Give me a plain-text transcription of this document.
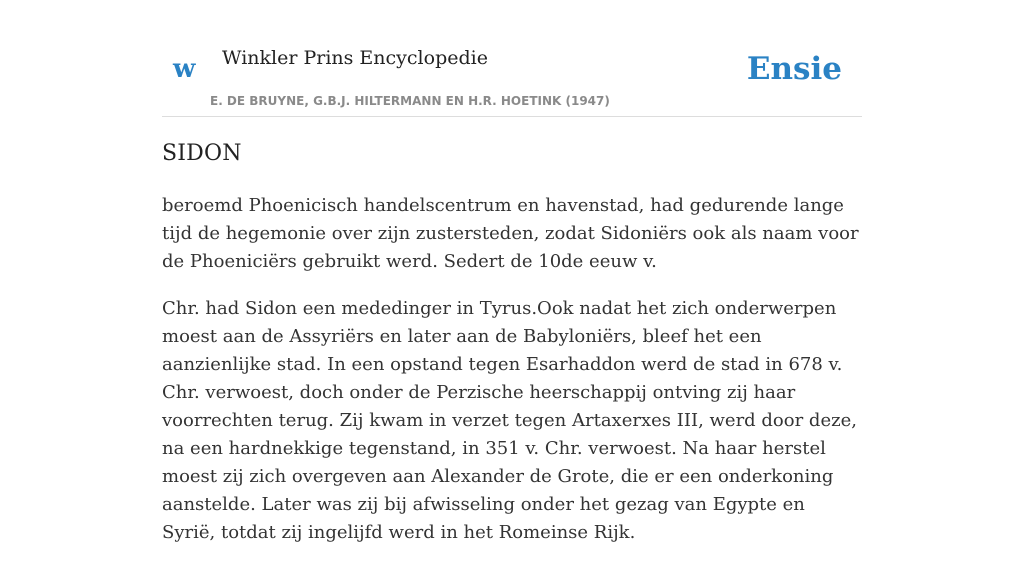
w Winkler Prins Encyclopedie
E. DE BRUYNE, G.B.J. HILTERMANN EN H.R. HOETINK (1947)
Ensie
SIDON

beroemd Phoenicisch handelscentrum en havenstad, had gedurende lange tijd de hegemonie over zijn zustersteden, zodat Sidoniërs ook als naam voor de Phoeniciërs gebruikt werd. Sedert de 10de eeuw v.

Chr. had Sidon een mededinger in Tyrus.Ook nadat het zich onderwerpen moest aan de Assyriërs en later aan de Babyloniërs, bleef het een aanzienlijke stad. In een opstand tegen Esarhaddon werd de stad in 678 v. Chr. verwoest, doch onder de Perzische heerschappij ontving zij haar voorrechten terug. Zij kwam in verzet tegen Artaxerxes III, werd door deze, na een hardnekkige tegenstand, in 351 v. Chr. verwoest. Na haar herstel moest zij zich overgeven aan Alexander de Grote, die er een onderkoning aanstelde. Later was zij bij afwisseling onder het gezag van Egypte en Syrië, totdat zij ingelijfd werd in het Romeinse Rijk.
